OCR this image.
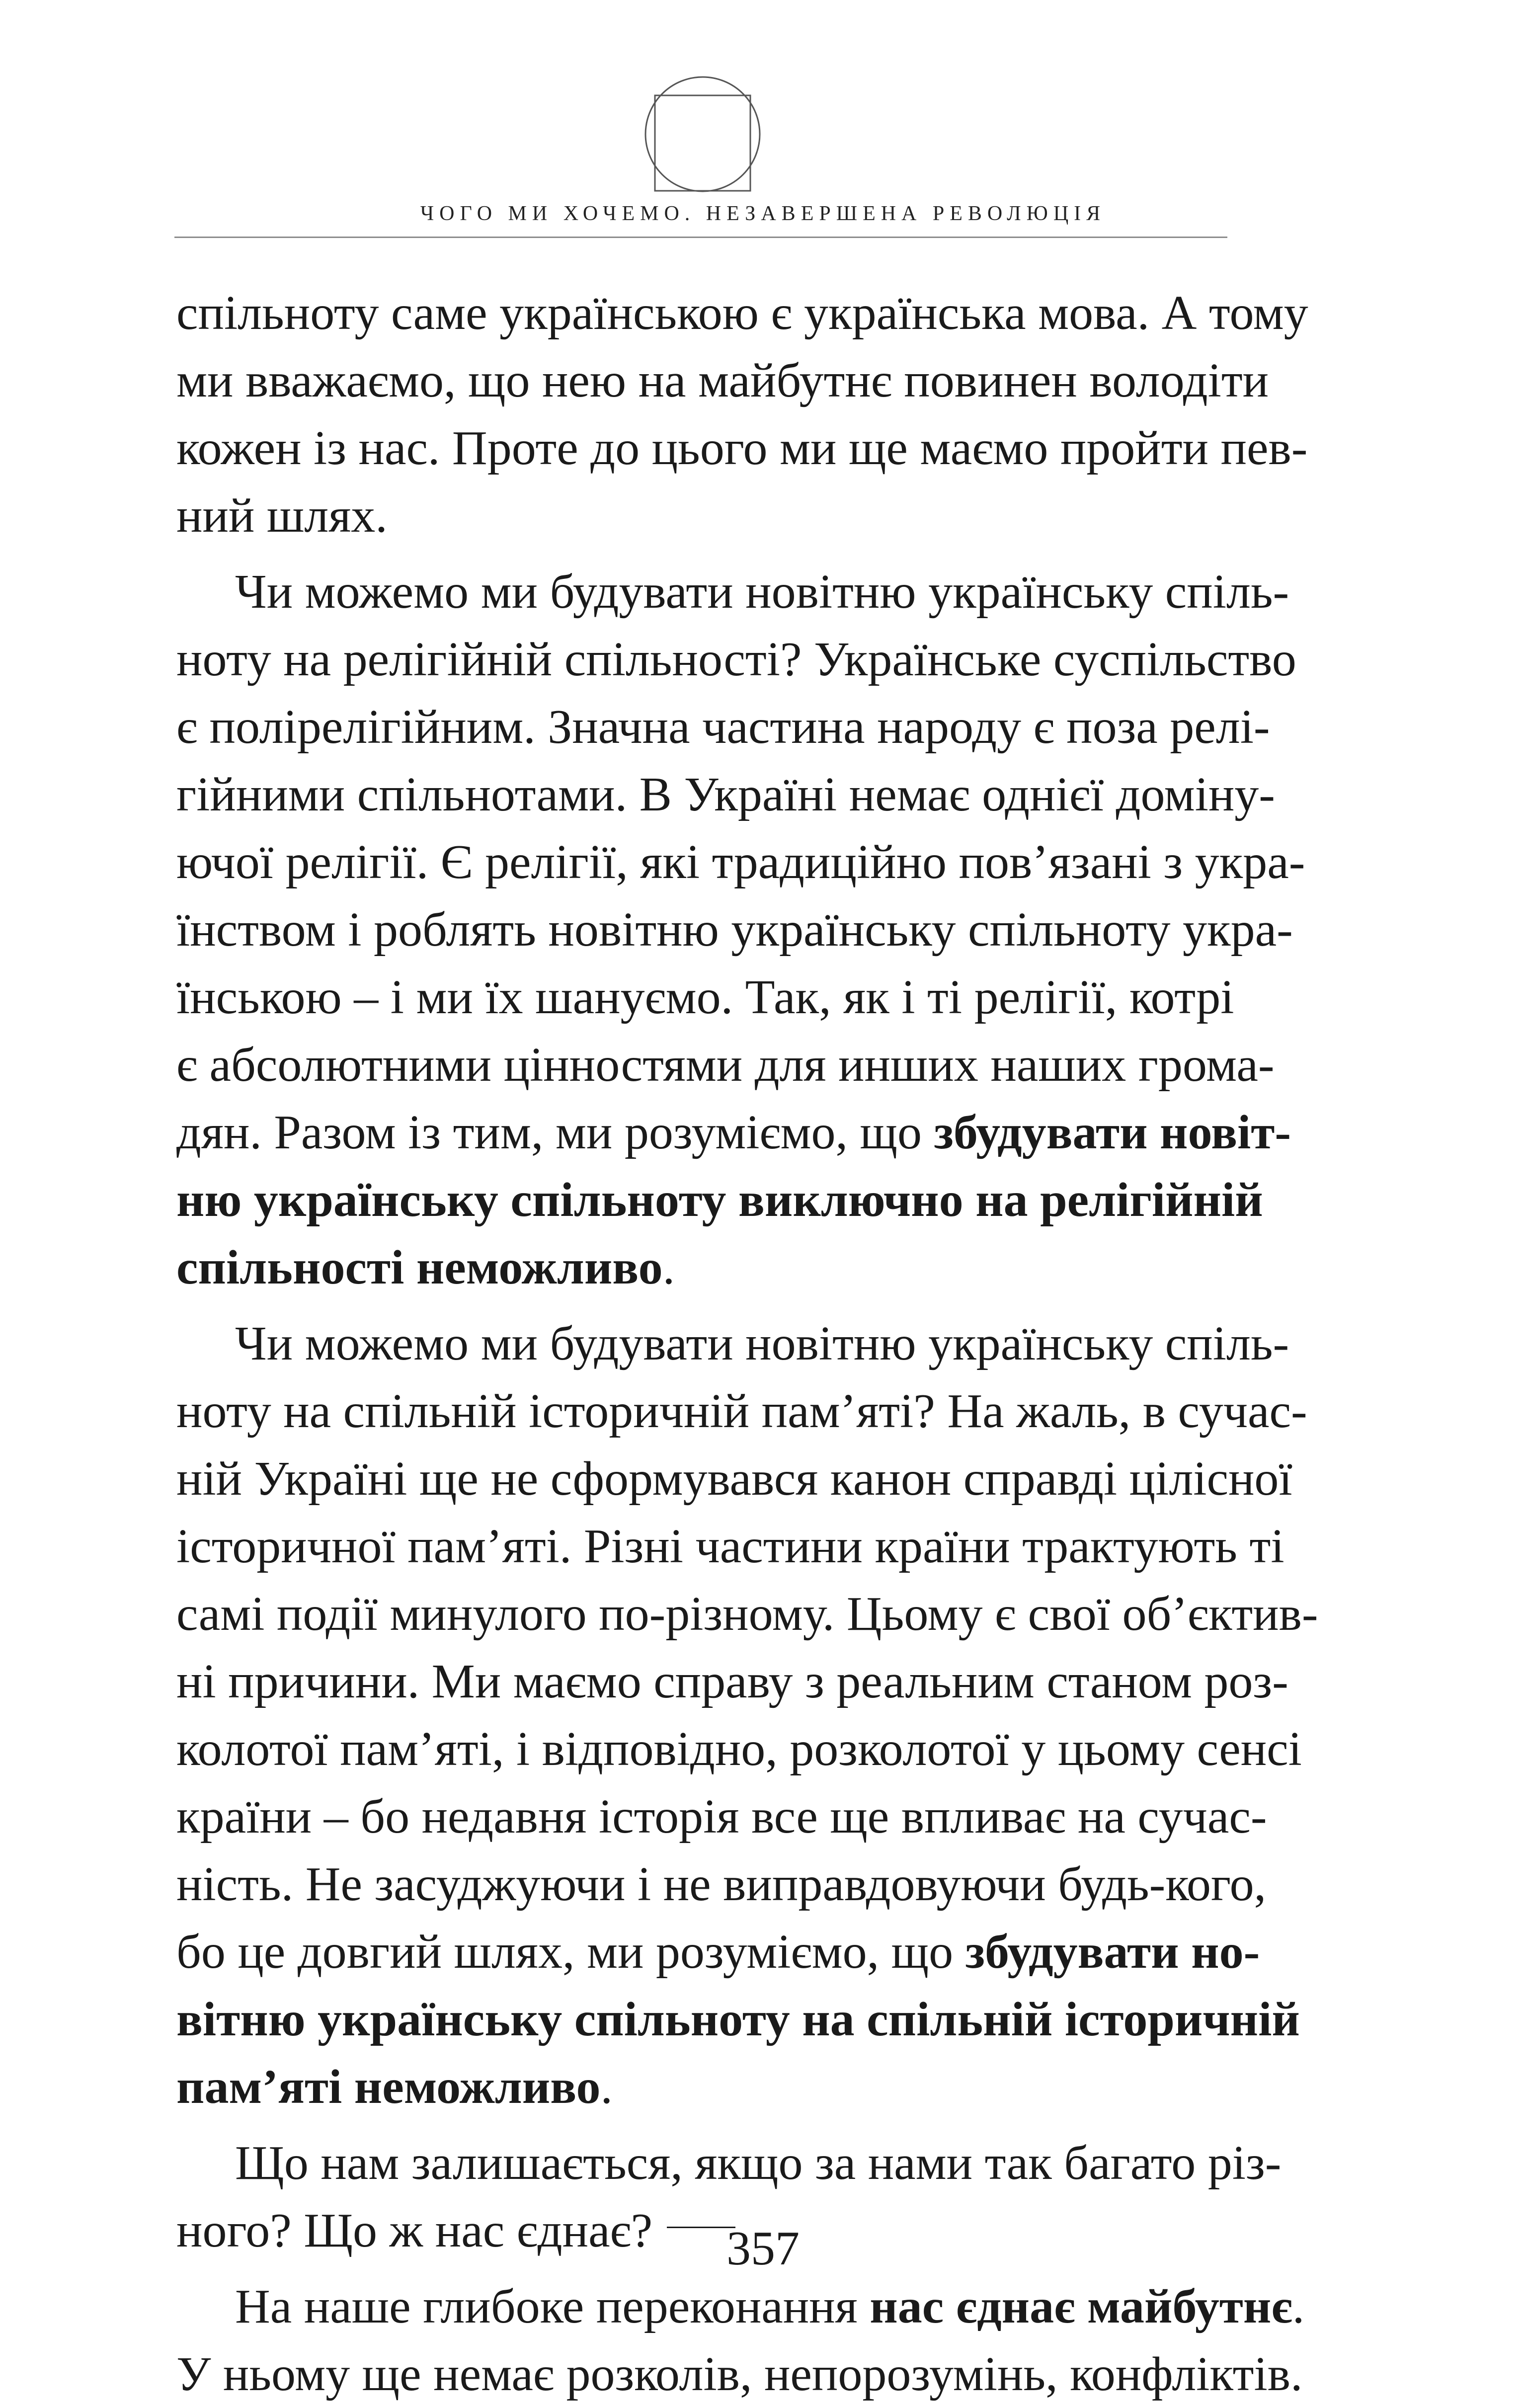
ЧОГО МИ ХОЧЕМО. НЕЗАВЕРШЕНА РЕВОЛЮЦІЯ
спільноту саме українською є українська мова. А тому
ми вважаємо, що нею на майбутнє повинен володіти
кожен із нас. Проте до цього ми ще маємо пройти пев-
ний шлях.
Чи можемо ми будувати новітню українську спіль-
ноту на релігійній спільності? Українське суспільство
є полірелігійним. Значна частина народу є поза релі-
гійними спільнотами. В Україні немає однієї доміну-
ючої релігії. Є релігії, які традиційно пов’язані з укра-
їнством і роблять новітню українську спільноту укра-
їнською – і ми їх шануємо. Так, як і ті релігії, котрі
є абсолютними цінностями для инших наших грома-
дян. Разом із тим, ми розуміємо, що збудувати новіт-
ню українську спільноту виключно на релігійній
спільності неможливо.
Чи можемо ми будувати новітню українську спіль-
ноту на спільній історичній пам’яті? На жаль, в сучас-
ній Україні ще не сформувався канон справді цілісної
історичної пам’яті. Різні частини країни трактують ті
самі події минулого по-різному. Цьому є свої об’єктив-
ні причини. Ми маємо справу з реальним станом роз-
колотої пам’яті, і відповідно, розколотої у цьому сенсі
країни – бо недавня історія все ще впливає на сучас-
ність. Не засуджуючи і не виправдовуючи будь-кого,
бо це довгий шлях, ми розуміємо, що збудувати но-
вітню українську спільноту на спільній історичній
пам’яті неможливо.
Що нам залишається, якщо за нами так багато різ-
ного? Що ж нас єднає?
На наше глибоке переконання нас єднає майбутнє.
У ньому ще немає розколів, непорозумінь, конфліктів.
357
